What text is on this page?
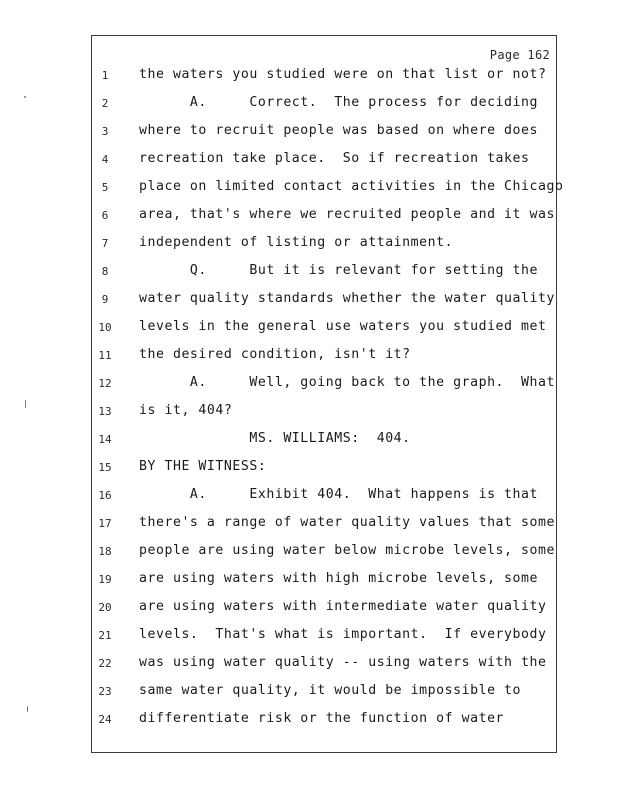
Page 162
1	the waters you studied were on that list or not?
2	A.     Correct.  The process for deciding
3	where to recruit people was based on where does
4	recreation take place.  So if recreation takes
5	place on limited contact activities in the Chicago
6	area, that's where we recruited people and it was
7	independent of listing or attainment.
8	Q.     But it is relevant for setting the
9	water quality standards whether the water quality
10	levels in the general use waters you studied met
11	the desired condition, isn't it?
12	A.     Well, going back to the graph.  What
13	is it, 404?
14	MS. WILLIAMS:  404.
15	BY THE WITNESS:
16	A.     Exhibit 404.  What happens is that
17	there's a range of water quality values that some
18	people are using water below microbe levels, some
19	are using waters with high microbe levels, some
20	are using waters with intermediate water quality
21	levels.  That's what is important.  If everybody
22	was using water quality -- using waters with the
23	same water quality, it would be impossible to
24	differentiate risk or the function of water
